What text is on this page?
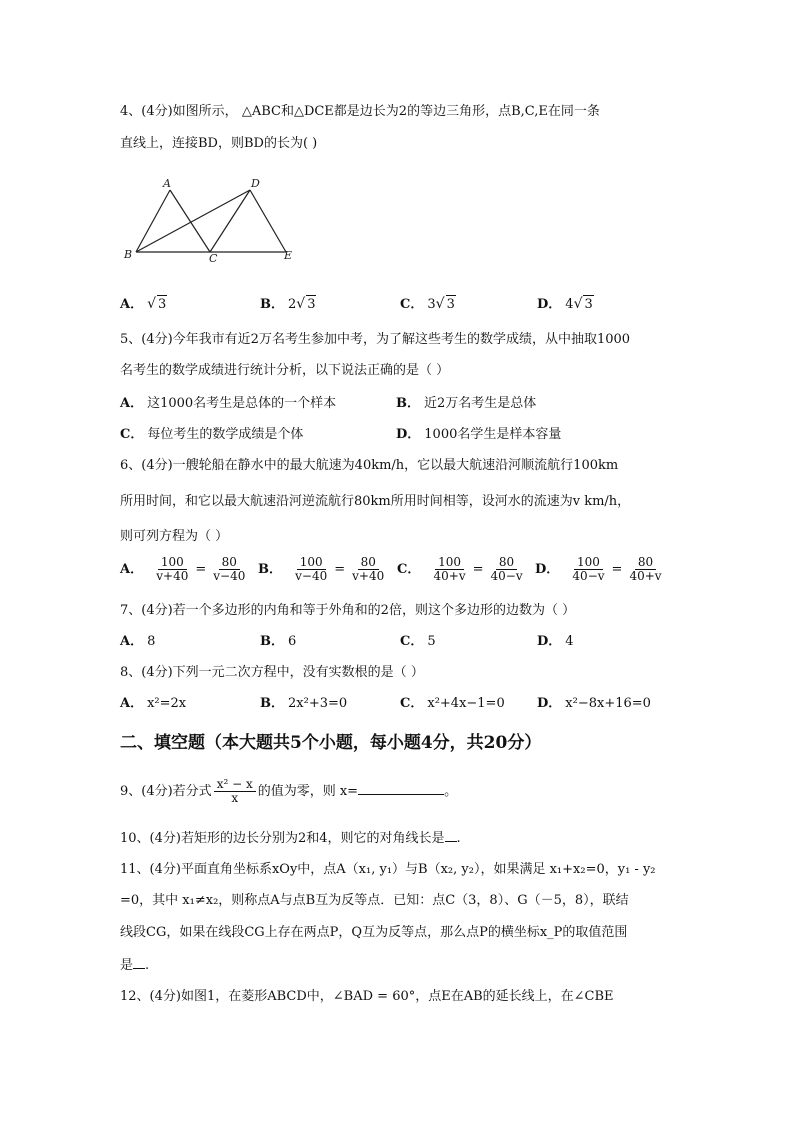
4、(4分)如图所示， △ABC和△DCE都是边长为2的等边三角形，点B,C,E在同一条
直线上，连接BD，则BD的长为( )
A	D
B	C	E
A． √ 3	B． 2√ 3	C． 3√ 3	D． 4√ 3
5、(4分)今年我市有近2万名考生参加中考，为了解这些考生的数学成绩，从中抽取1000
名考生的数学成绩进行统计分析，以下说法正确的是（ ）
A． 这1000名考生是总体的一个样本	B． 近2万名考生是总体
C． 每位考生的数学成绩是个体	D． 1000名学生是样本容量
6、(4分)一艘轮船在静水中的最大航速为40km/h，它以最大航速沿河顺流航行100km
所用时间，和它以最大航速沿河逆流航行80km所用时间相等，设河水的流速为v km/h，
则可列方程为（ ）
A． $\frac{100}{v+40} = \frac{80}{v-40}$ B． $\frac{100}{v-40} = \frac{80}{v+40}$ C． $\frac{100}{40+v} = \frac{80}{40-v}$ D． $\frac{100}{40-v} = \frac{80}{40+v}$
7、(4分)若一个多边形的内角和等于外角和的2倍，则这个多边形的边数为（ ）
A． 8	B． 6	C． 5	D． 4
8、(4分)下列一元二次方程中，没有实数根的是（ ）
A． x²=2x	B． 2x²+3=0	C． x²+4x−1=0 D． x²−8x+16=0
二、填空题（本大题共5个小题，每小题4分，共20分）
9、(4分)若分式 $\frac{\text{x² − x}}{x}$ 的值为零，则 x=	。
10、(4分)若矩形的边长分别为2和4，则它的对角线长是 .
11、(4分)平面直角坐标系xOy中，点A（x₁, y₁）与B（x₂, y₂），如果满足 x₁+x₂=0，y₁ - y₂
=0，其中 x₁≠x₂，则称点A与点B互为反等点．已知：点C（3，8）、G（－5，8），联结
线段CG，如果在线段CG上存在两点P，Q互为反等点，那么点P的横坐标x_P的取值范围
是 .
12、(4分)如图1，在菱形ABCD中，∠BAD = 60°，点E在AB的延长线上，在∠CBE
